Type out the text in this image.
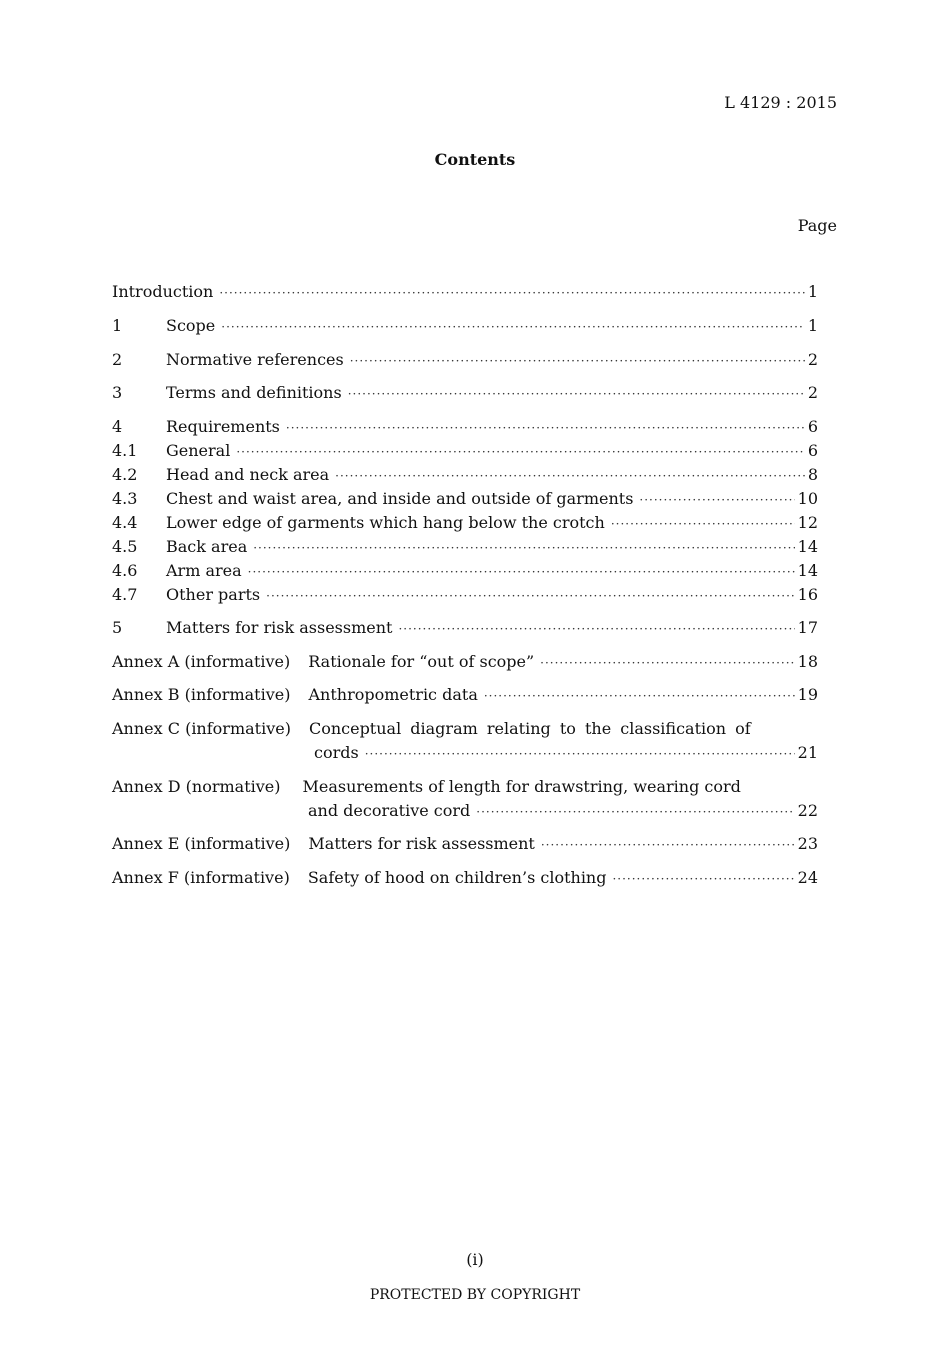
L 4129 : 2015
Contents
Page
Introduction ·····	1
1	Scope ·····	1
2	Normative references ·····	2
3	Terms and definitions ·····	2
4	Requirements ·····	6
4.1	General ·····	6
4.2	Head and neck area ·····	8
4.3	Chest and waist area, and inside and outside of garments ·····	10
4.4	Lower edge of garments which hang below the crotch ·····	12
4.5	Back area ·····	14
4.6	Arm area ·····	14
4.7	Other parts ·····	16
5	Matters for risk assessment ·····	17
Annex A (informative) Rationale for “out of scope” ·····	18
Annex B (informative) Anthropometric data ·····	19
Annex C (informative) Conceptual diagram relating to the classification of
cords ·····	21
Annex D (normative) Measurements of length for drawstring, wearing cord
and decorative cord ·····	22
Annex E (informative) Matters for risk assessment ·····	23
Annex F (informative) Safety of hood on children’s clothing ·····	24
(i)
PROTECTED BY COPYRIGHT
